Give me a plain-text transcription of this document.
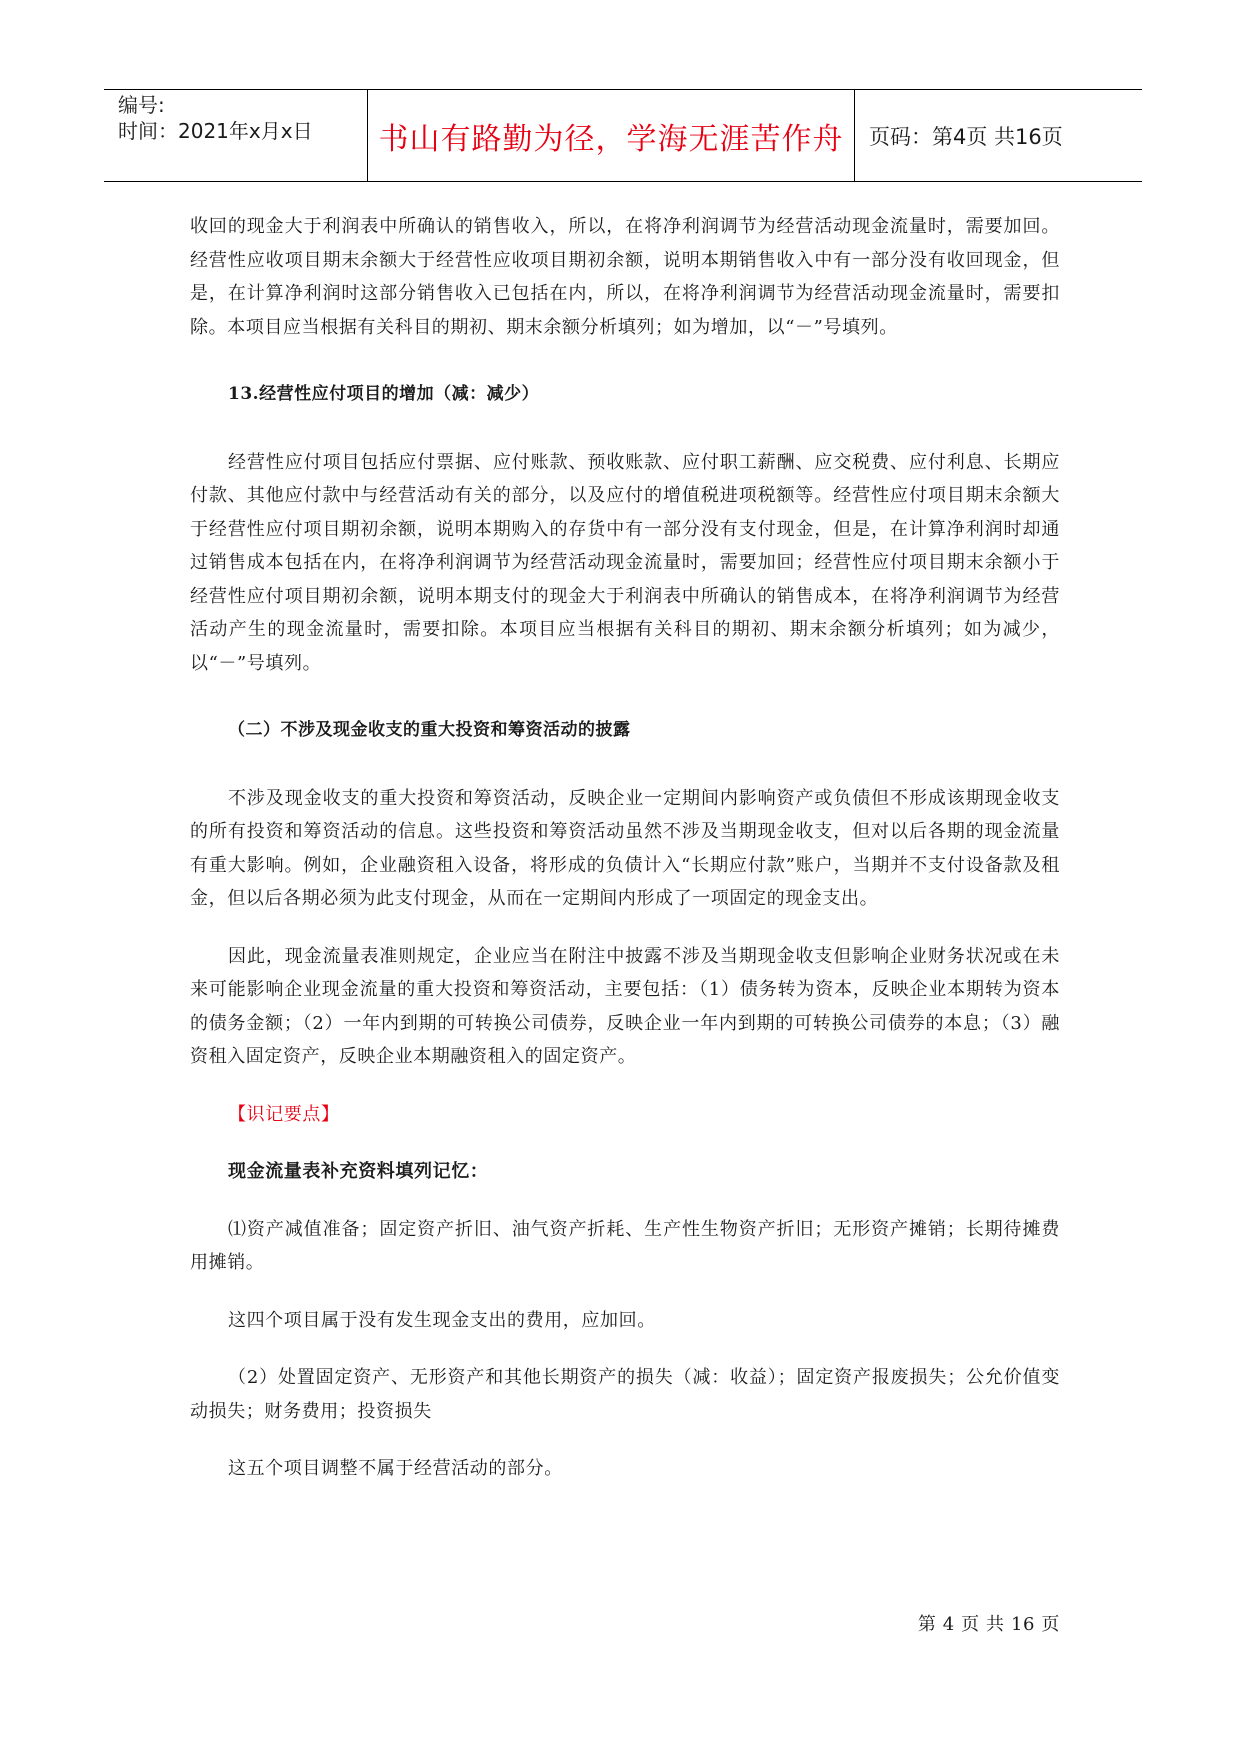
编号:
时间：2021年x月x日	书山有路勤为径，学海无涯苦作舟	页码：第4页 共16页

收回的现金大于利润表中所确认的销售收入，所以，在将净利润调节为经营活动现金流量时，需要加回。经营性应收项目期末余额大于经营性应收项目期初余额，说明本期销售收入中有一部分没有收回现金，但是，在计算净利润时这部分销售收入已包括在内，所以，在将净利润调节为经营活动现金流量时，需要扣除。本项目应当根据有关科目的期初、期末余额分析填列；如为增加，以“－”号填列。

13.经营性应付项目的增加（减：减少）

经营性应付项目包括应付票据、应付账款、预收账款、应付职工薪酬、应交税费、应付利息、长期应付款、其他应付款中与经营活动有关的部分，以及应付的增值税进项税额等。经营性应付项目期末余额大于经营性应付项目期初余额，说明本期购入的存货中有一部分没有支付现金，但是，在计算净利润时却通过销售成本包括在内，在将净利润调节为经营活动现金流量时，需要加回；经营性应付项目期末余额小于经营性应付项目期初余额，说明本期支付的现金大于利润表中所确认的销售成本，在将净利润调节为经营活动产生的现金流量时，需要扣除。本项目应当根据有关科目的期初、期末余额分析填列；如为减少，以“－”号填列。

（二）不涉及现金收支的重大投资和筹资活动的披露

不涉及现金收支的重大投资和筹资活动，反映企业一定期间内影响资产或负债但不形成该期现金收支的所有投资和筹资活动的信息。这些投资和筹资活动虽然不涉及当期现金收支，但对以后各期的现金流量有重大影响。例如，企业融资租入设备，将形成的负债计入“长期应付款”账户，当期并不支付设备款及租金，但以后各期必须为此支付现金，从而在一定期间内形成了一项固定的现金支出。

因此，现金流量表准则规定，企业应当在附注中披露不涉及当期现金收支但影响企业财务状况或在未来可能影响企业现金流量的重大投资和筹资活动，主要包括：（1）债务转为资本，反映企业本期转为资本的债务金额；（2）一年内到期的可转换公司债券，反映企业一年内到期的可转换公司债券的本息；（3）融资租入固定资产，反映企业本期融资租入的固定资产。

【识记要点】

现金流量表补充资料填列记忆：

⑴资产减值准备；固定资产折旧、油气资产折耗、生产性生物资产折旧；无形资产摊销；长期待摊费用摊销。

这四个项目属于没有发生现金支出的费用，应加回。

（2）处置固定资产、无形资产和其他长期资产的损失（减：收益）；固定资产报废损失；公允价值变动损失；财务费用；投资损失

这五个项目调整不属于经营活动的部分。

第 4 页 共 16 页
